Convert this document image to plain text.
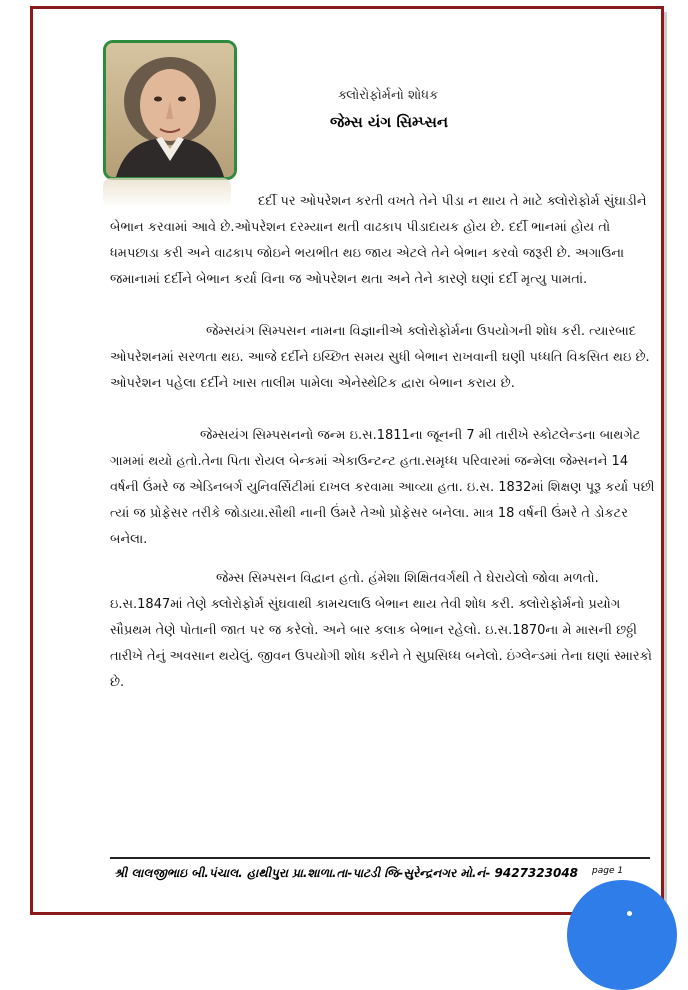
ક્લોરોફોર્મનો શોધક
જેમ્સ યંગ સિમ્પ્સન

દર્દી પર ઓપરેશન કરતી વખતે તેને પીડા ન થાય તે માટે ક્લોરોફોર્મ સુંઘાડીને બેભાન કરવામાં આવે છે.ઓપરેશન દરમ્યાન થતી વાઢકાપ પીડાદાયક હોય છે. દર્દી ભાનમાં હોય તો ધમપછાડા કરી અને વાઢકાપ જોઇને ભયભીત થઇ જાય એટલે તેને બેભાન કરવો જરૂરી છે. અગાઉના જમાનામાં દર્દીને બેભાન કર્યા વિના જ ઓપરેશન થતા અને તેને કારણે ઘણાં દર્દી મૃત્યુ પામતાં.

જેમ્સયંગ સિમ્પસન નામના વિજ્ઞાનીએ ક્લોરોફોર્મના ઉપયોગની શોધ કરી. ત્યારબાદ ઓપરેશનમાં સરળતા થઇ. આજે દર્દીને ઇચ્છિત સમય સુધી બેભાન રાખવાની ઘણી પધ્ધતિ વિકસિત થઇ છે. ઓપરેશન પહેલા દર્દીને ખાસ તાલીમ પામેલા એનેસ્થેટિક દ્વારા બેભાન કરાય છે.

જેમ્સયંગ સિમ્પસનનો જન્મ ઇ.સ.1811ના જૂનની 7 મી તારીખે સ્કોટલેન્ડના બાથગેટ ગામમાં થયો હતો.તેના પિતા રોયલ બેન્કમાં એકાઉન્ટન્ટ હતા.સમૃધ્ધ પરિવારમાં જન્મેલા જેમ્સનને 14 વર્ષની ઉંમરે જ એડિનબર્ગ યુનિવર્સિટીમાં દાખલ કરવામા આવ્યા હતા. ઇ.સ. 1832માં શિક્ષણ પૂરૂ કર્યા પછી ત્યાં જ પ્રોફેસર તરીકે જોડાયા.સૌથી નાની ઉંમરે તેઓ પ્રોફેસર બનેલા. માત્ર 18 વર્ષની ઉંમરે તે ડોકટર બનેલા.

જેમ્સ સિમ્પસન વિદ્વાન હતો. હંમેશા શિક્ષિતવર્ગથી તે ઘેરાયેલો જોવા મળતો. ઇ.સ.1847માં તેણે ક્લોરોફોર્મ સુંઘવાથી કામચલાઉ બેભાન થાય તેવી શોધ કરી. ક્લોરોફોર્મનો પ્રયોગ સૌપ્રથમ તેણે પોતાની જાત પર જ કરેલો. અને બાર કલાક બેભાન રહેલો. ઇ.સ.1870ના મે માસની છઠ્ઠી તારીખે તેનું અવસાન થયેલું. જીવન ઉપયોગી શોધ કરીને તે સુપ્રસિધ્ધ બનેલો. ઇંગ્લેન્ડમાં તેના ઘણાં સ્મારકો છે.

શ્રી લાલજીભાઇ બી.પંચાલ. હાથીપુરા પ્રા.શાળા.તા-પાટડી જિ-સુરેન્દ્રનગર મો.નં- 9427323048 page 1
